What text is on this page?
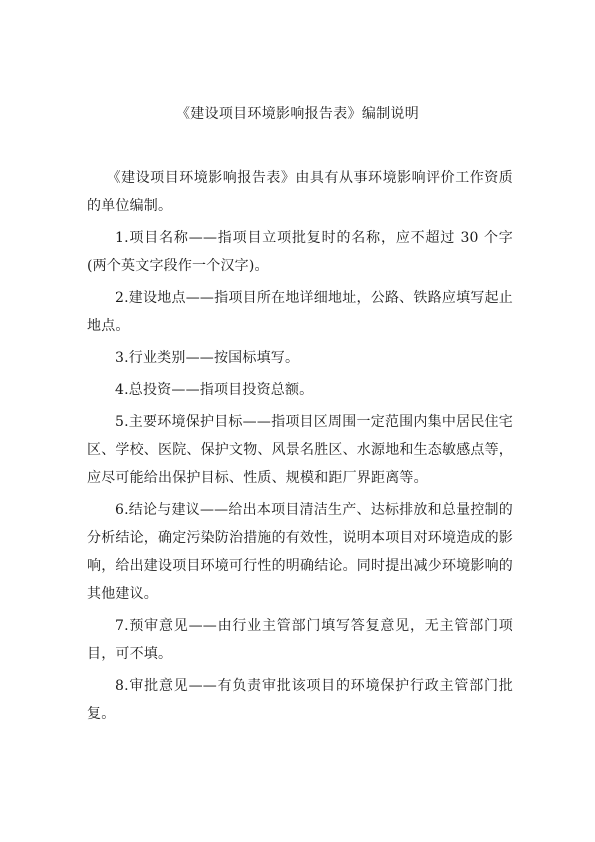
《建设项目环境影响报告表》编制说明

《建设项目环境影响报告表》由具有从事环境影响评价工作资质的单位编制。

1.项目名称——指项目立项批复时的名称，应不超过 30 个字(两个英文字段作一个汉字)。

2.建设地点——指项目所在地详细地址，公路、铁路应填写起止地点。

3.行业类别——按国标填写。

4.总投资——指项目投资总额。

5.主要环境保护目标——指项目区周围一定范围内集中居民住宅区、学校、医院、保护文物、风景名胜区、水源地和生态敏感点等，应尽可能给出保护目标、性质、规模和距厂界距离等。

6.结论与建议——给出本项目清洁生产、达标排放和总量控制的分析结论，确定污染防治措施的有效性，说明本项目对环境造成的影响，给出建设项目环境可行性的明确结论。同时提出减少环境影响的其他建议。

7.预审意见——由行业主管部门填写答复意见，无主管部门项目，可不填。

8.审批意见——有负责审批该项目的环境保护行政主管部门批复。
